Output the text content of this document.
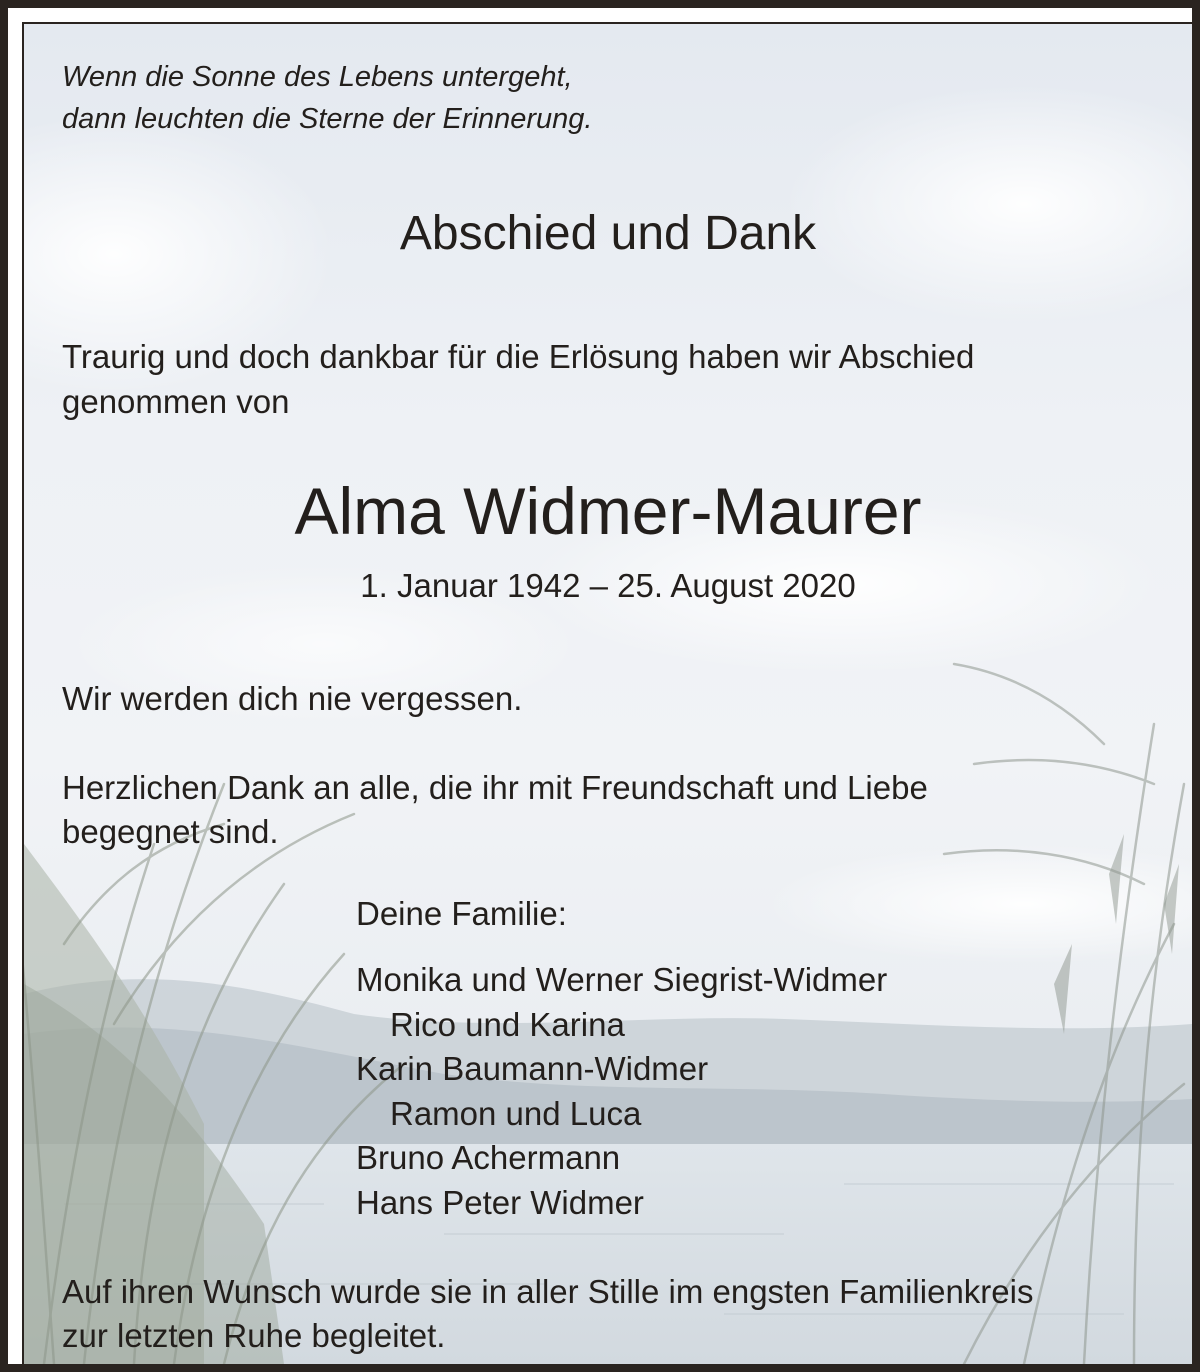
Wenn die Sonne des Lebens untergeht,
dann leuchten die Sterne der Erinnerung.
Abschied und Dank
Traurig und doch dankbar für die Erlösung haben wir Abschied
genommen von
Alma Widmer-Maurer
1. Januar 1942 – 25. August 2020
Wir werden dich nie vergessen.
Herzlichen Dank an alle, die ihr mit Freundschaft und Liebe
begegnet sind.
Deine Familie:
Monika und Werner Siegrist-Widmer
Rico und Karina
Karin Baumann-Widmer
Ramon und Luca
Bruno Achermann
Hans Peter Widmer
Auf ihren Wunsch wurde sie in aller Stille im engsten Familienkreis
zur letzten Ruhe begleitet.
